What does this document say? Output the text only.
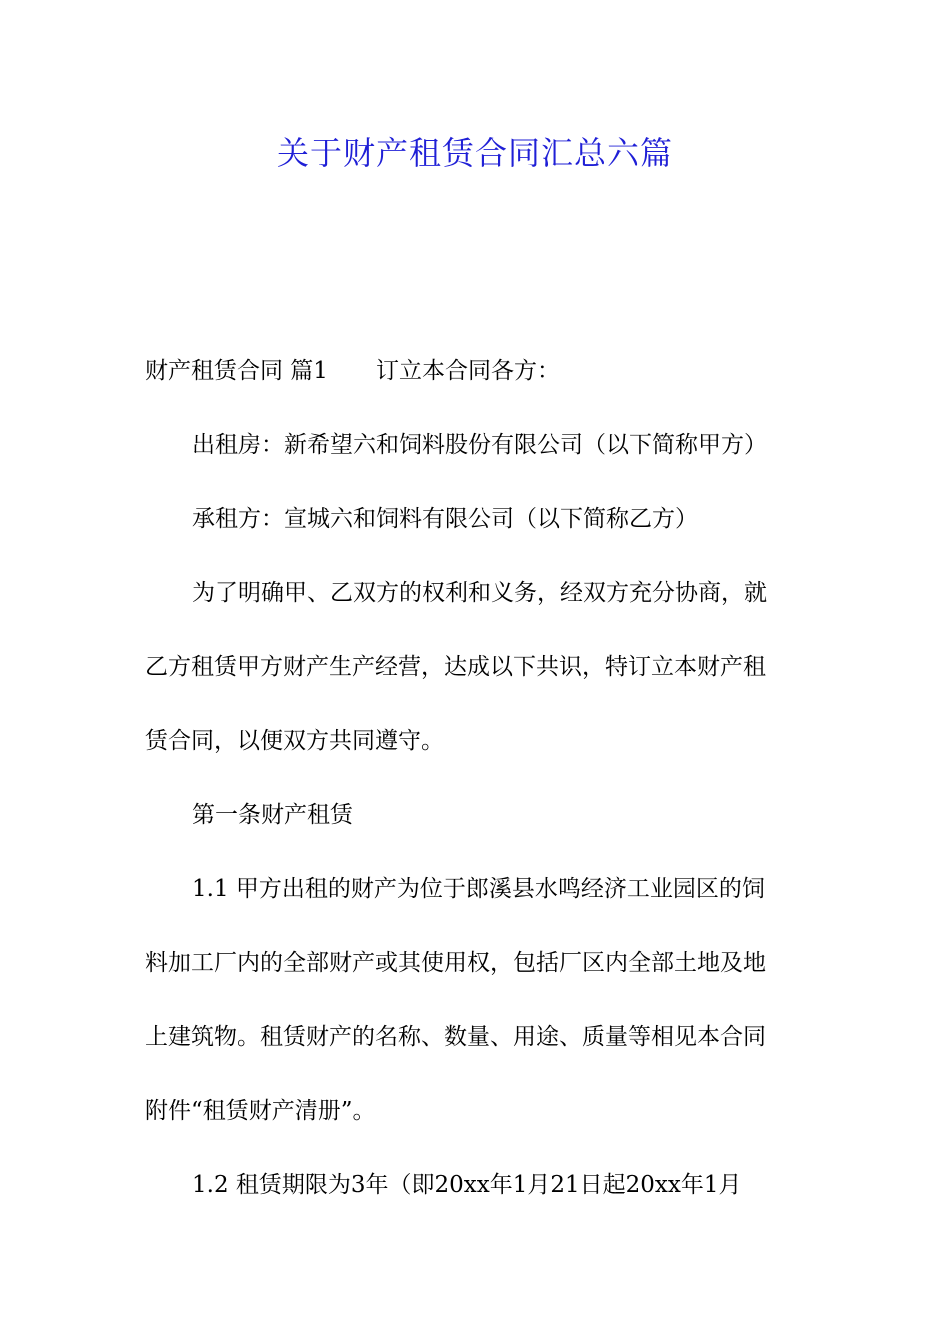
关于财产租赁合同汇总六篇
财产租赁合同 篇1 订立本合同各方：
出租房：新希望六和饲料股份有限公司（以下简称甲方）
承租方：宣城六和饲料有限公司（以下简称乙方）
为了明确甲、乙双方的权利和义务，经双方充分协商，就
乙方租赁甲方财产生产经营，达成以下共识，特订立本财产租
赁合同，以便双方共同遵守。
第一条财产租赁
1.1 甲方出租的财产为位于郎溪县水鸣经济工业园区的饲
料加工厂内的全部财产或其使用权，包括厂区内全部土地及地
上建筑物。租赁财产的名称、数量、用途、质量等相见本合同
附件“租赁财产清册”。
1.2 租赁期限为3年（即20xx年1月21日起20xx年1月
